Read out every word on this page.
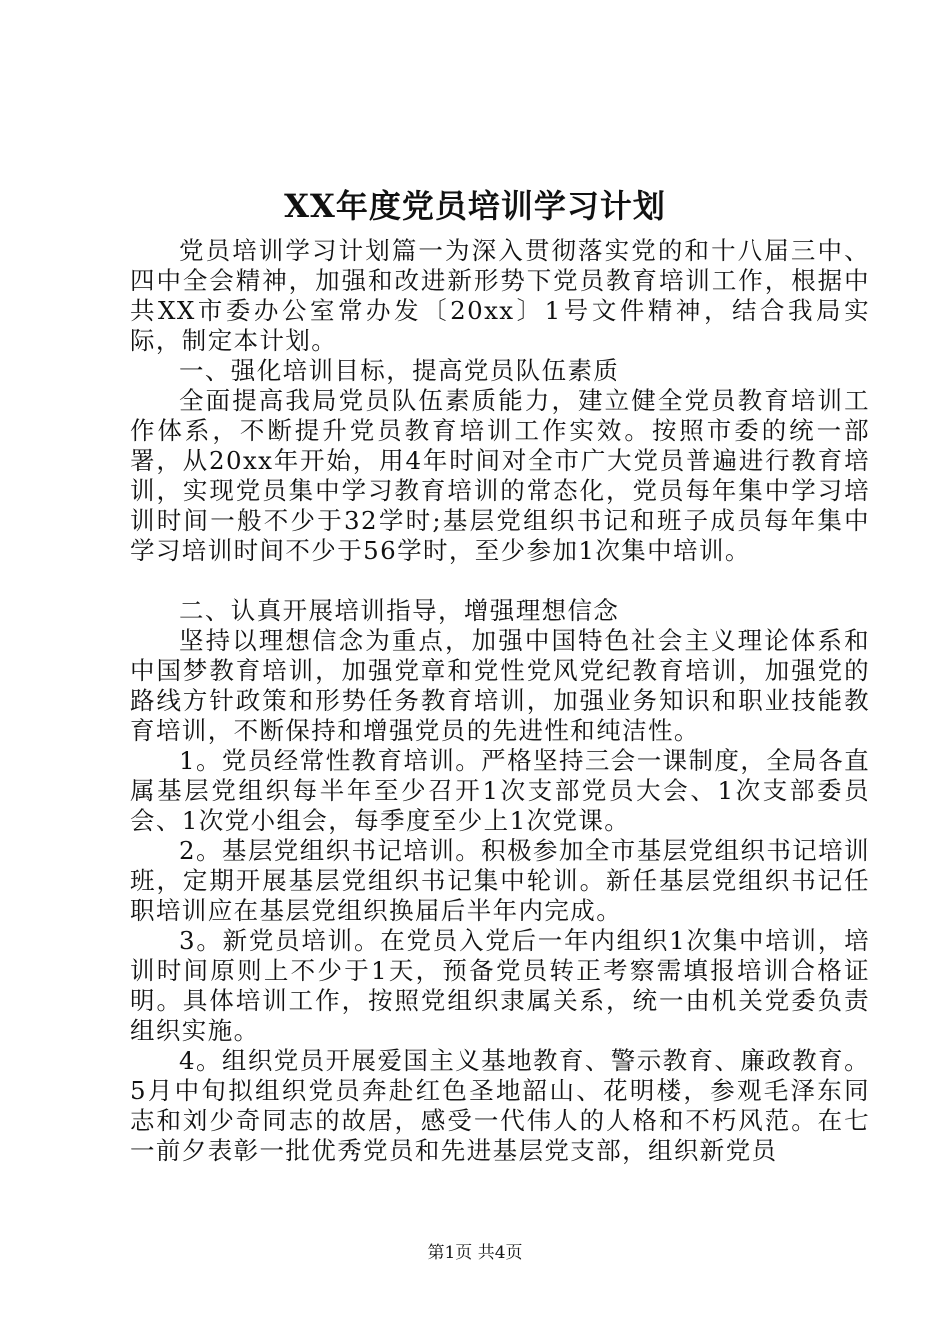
XX年度党员培训学习计划

党员培训学习计划篇一为深入贯彻落实党的和十八届三中、四中全会精神，加强和改进新形势下党员教育培训工作，根据中共XX市委办公室常办发〔20xx〕1号文件精神，结合我局实际，制定本计划。

一、强化培训目标，提高党员队伍素质

全面提高我局党员队伍素质能力，建立健全党员教育培训工作体系，不断提升党员教育培训工作实效。按照市委的统一部署，从20xx年开始，用4年时间对全市广大党员普遍进行教育培训，实现党员集中学习教育培训的常态化，党员每年集中学习培训时间一般不少于32学时;基层党组织书记和班子成员每年集中学习培训时间不少于56学时，至少参加1次集中培训。

二、认真开展培训指导，增强理想信念

坚持以理想信念为重点，加强中国特色社会主义理论体系和中国梦教育培训，加强党章和党性党风党纪教育培训，加强党的路线方针政策和形势任务教育培训，加强业务知识和职业技能教育培训，不断保持和增强党员的先进性和纯洁性。

1。党员经常性教育培训。严格坚持三会一课制度，全局各直属基层党组织每半年至少召开1次支部党员大会、1次支部委员会、1次党小组会，每季度至少上1次党课。

2。基层党组织书记培训。积极参加全市基层党组织书记培训班，定期开展基层党组织书记集中轮训。新任基层党组织书记任职培训应在基层党组织换届后半年内完成。

3。新党员培训。在党员入党后一年内组织1次集中培训，培训时间原则上不少于1天，预备党员转正考察需填报培训合格证明。具体培训工作，按照党组织隶属关系，统一由机关党委负责组织实施。

4。组织党员开展爱国主义基地教育、警示教育、廉政教育。5月中旬拟组织党员奔赴红色圣地韶山、花明楼，参观毛泽东同志和刘少奇同志的故居，感受一代伟人的人格和不朽风范。在七一前夕表彰一批优秀党员和先进基层党支部，组织新党员

第1页 共4页
